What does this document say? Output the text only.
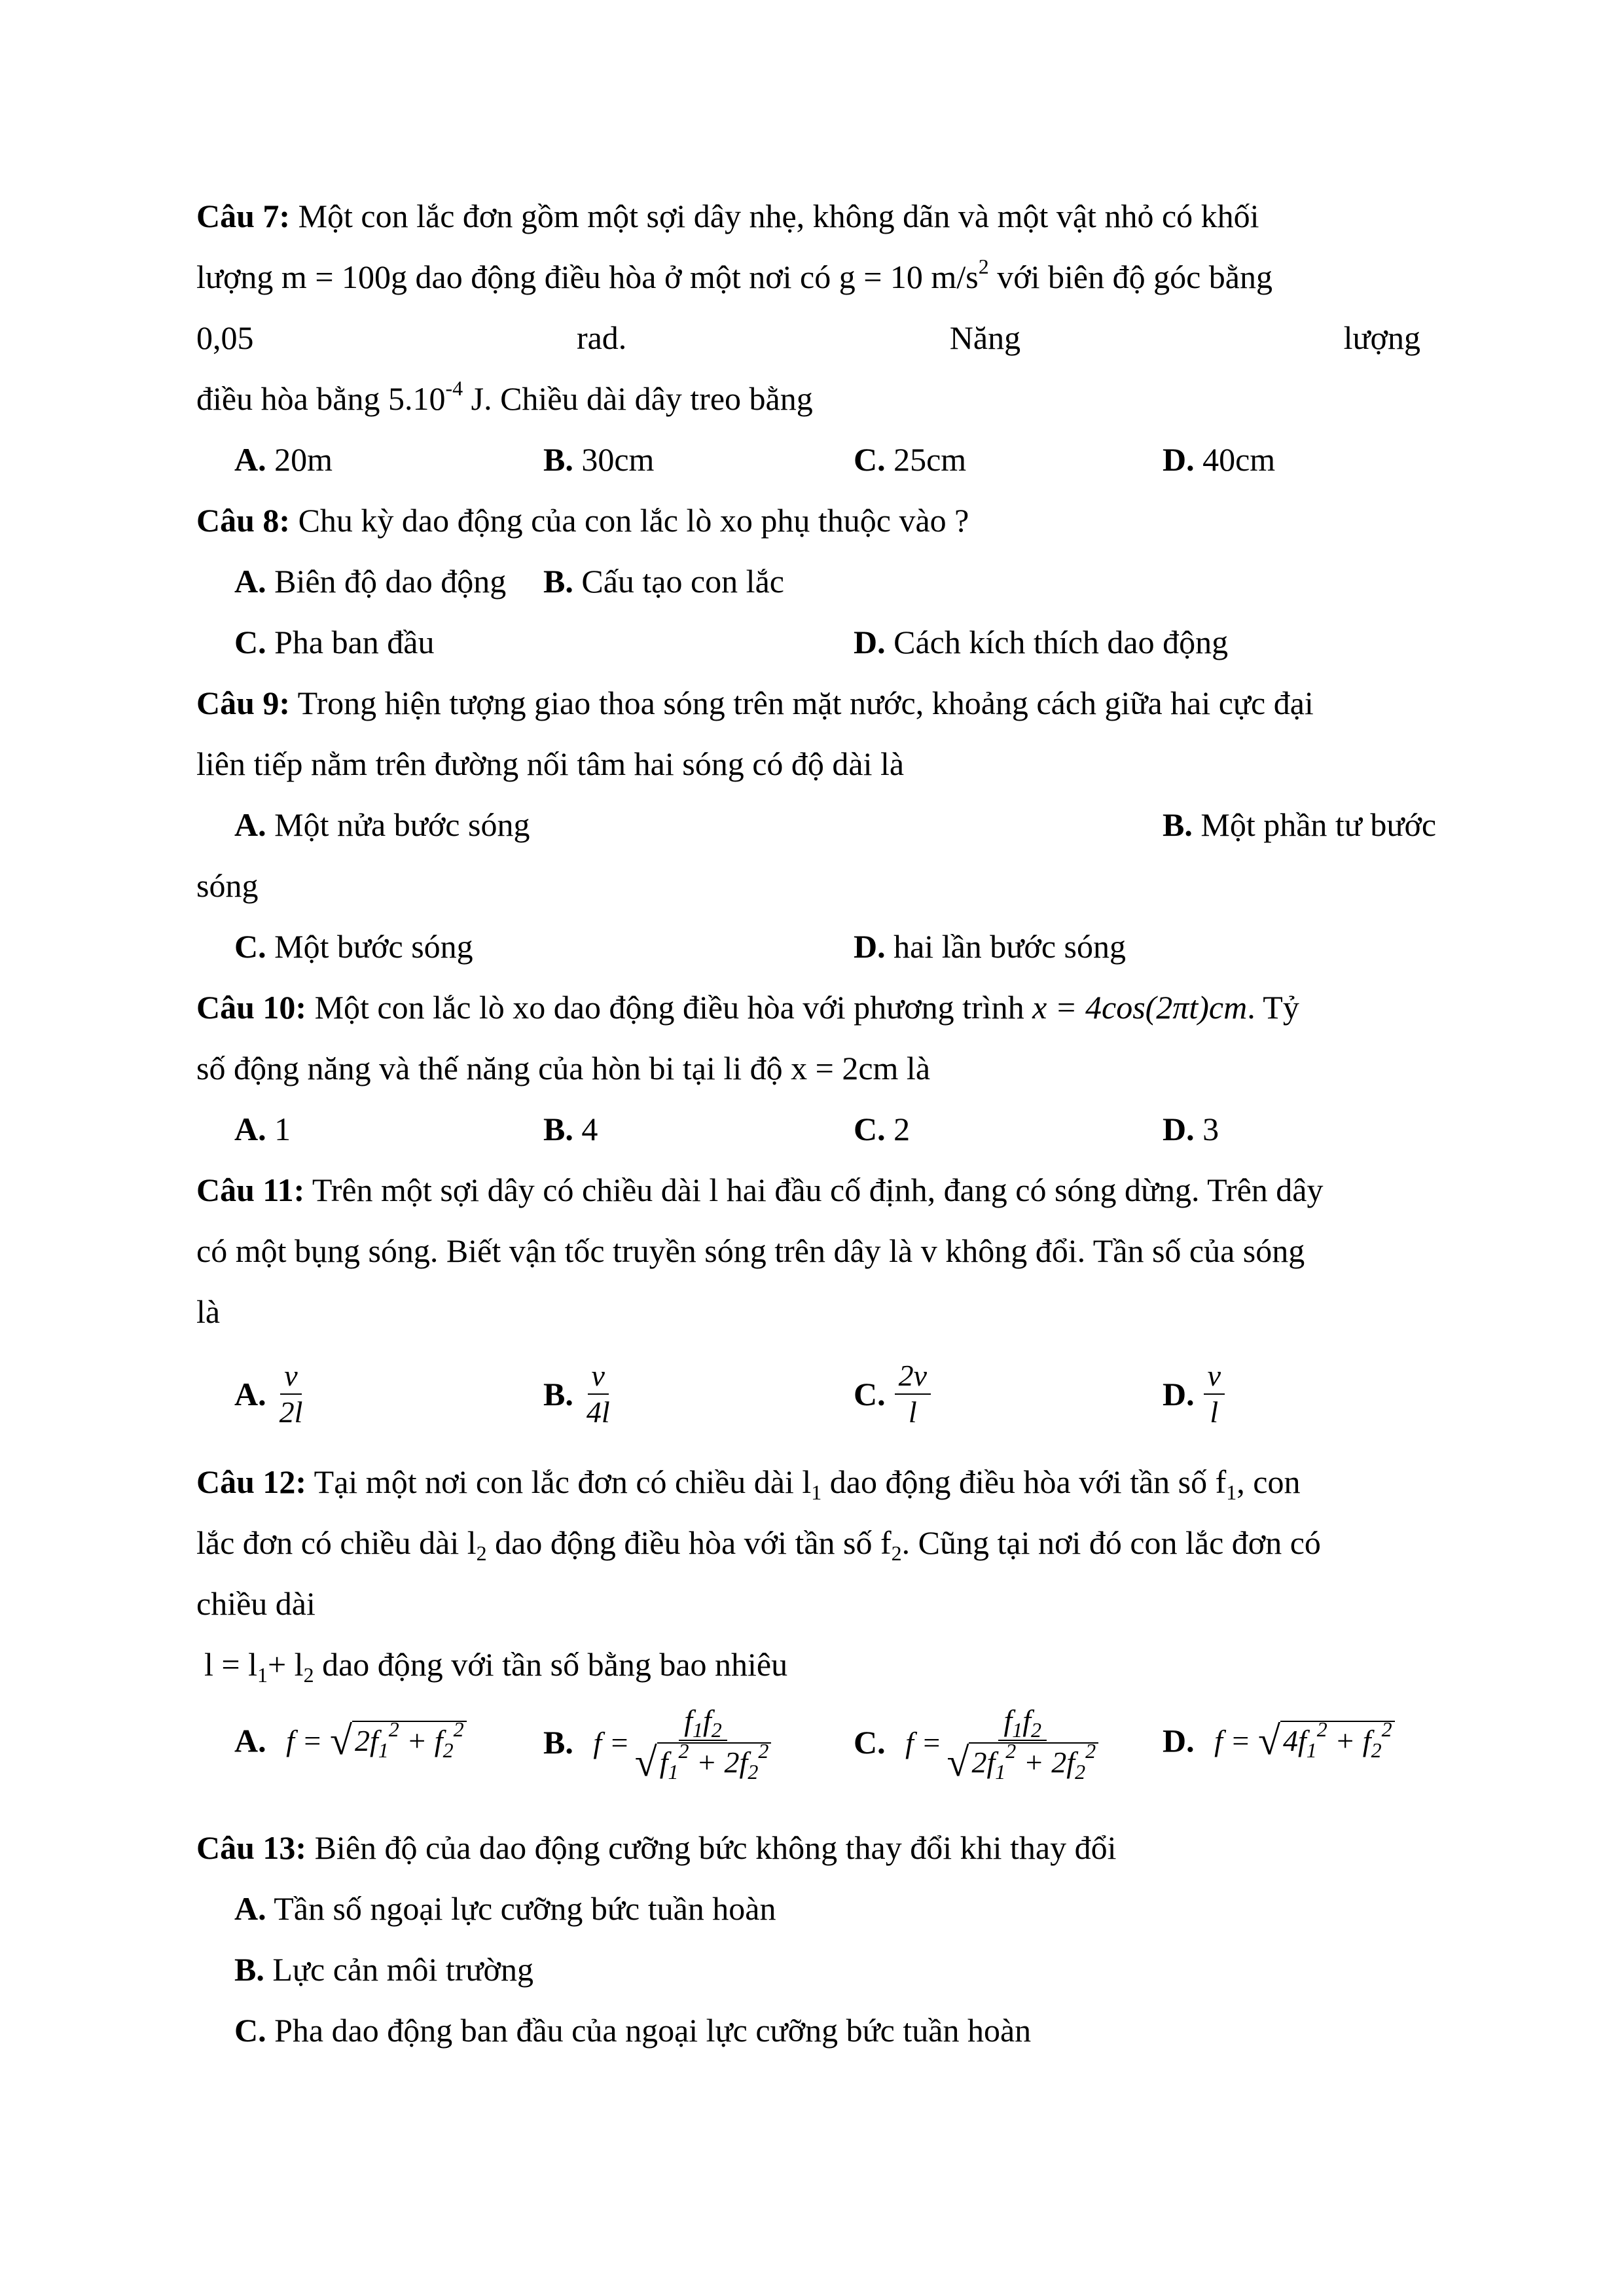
Câu 7: Một con lắc đơn gồm một sợi dây nhẹ, không dãn và một vật nhỏ có khối
lượng m = 100g dao động điều hòa ở một nơi có g = 10 $m/s^2$ với biên độ góc bằng
0,05	rad.	Năng	lượng
điều hòa bằng $5.10^{-4}$ J. Chiều dài dây treo bằng
A. 20m	B. 30cm	C. 25cm	D. 40cm
Câu 8: Chu kỳ dao động của con lắc lò xo phụ thuộc vào ?
A. Biên độ dao động B. Cấu tạo con lắc
C. Pha ban đầu	D. Cách kích thích dao động
Câu 9: Trong hiện tượng giao thoa sóng trên mặt nước, khoảng cách giữa hai cực đại
liên tiếp nằm trên đường nối tâm hai sóng có độ dài là
A. Một nửa bước sóng	B. Một phần tư bước
sóng
C. Một bước sóng	D. hai lần bước sóng
Câu 10: Một con lắc lò xo dao động điều hòa với phương trình x = 4cos(2πt)cm. Tỷ
số động năng và thế năng của hòn bi tại li độ x = 2cm là
A. 1	B. 4	C. 2	D. 3
Câu 11: Trên một sợi dây có chiều dài l hai đầu cố định, đang có sóng dừng. Trên dây
có một bụng sóng. Biết vận tốc truyền sóng trên dây là v không đổi. Tần số của sóng
là
A. $\frac{v}{2l}$	B. $\frac{v}{4l}$	C. $\frac{2v}{l}$	D. $\frac{v}{l}$
Câu 12: Tại một nơi con lắc đơn có chiều dài $l_1$ dao động điều hòa với tần số $f_1$, con
lắc đơn có chiều dài $l_2$ dao động điều hòa với tần số $f_2$. Cũng tại nơi đó con lắc đơn có
chiều dài
$l = l_1+ l_2$ dao động với tần số bằng bao nhiêu
A. f = √ $2f_1^2 + f_2^2$ B. $f = \frac{f_1f_2}{√ f_1^2 + 2f_2^2}$	C. $f = \frac{f_1f_2}{√ 2f_1^2 + 2f_2^2} D$. f = √ $4f_1^2 + f_2^2$
Câu 13: Biên độ của dao động cưỡng bức không thay đổi khi thay đổi
A. Tần số ngoại lực cưỡng bức tuần hoàn
B. Lực cản môi trường
C. Pha dao động ban đầu của ngoại lực cưỡng bức tuần hoàn
